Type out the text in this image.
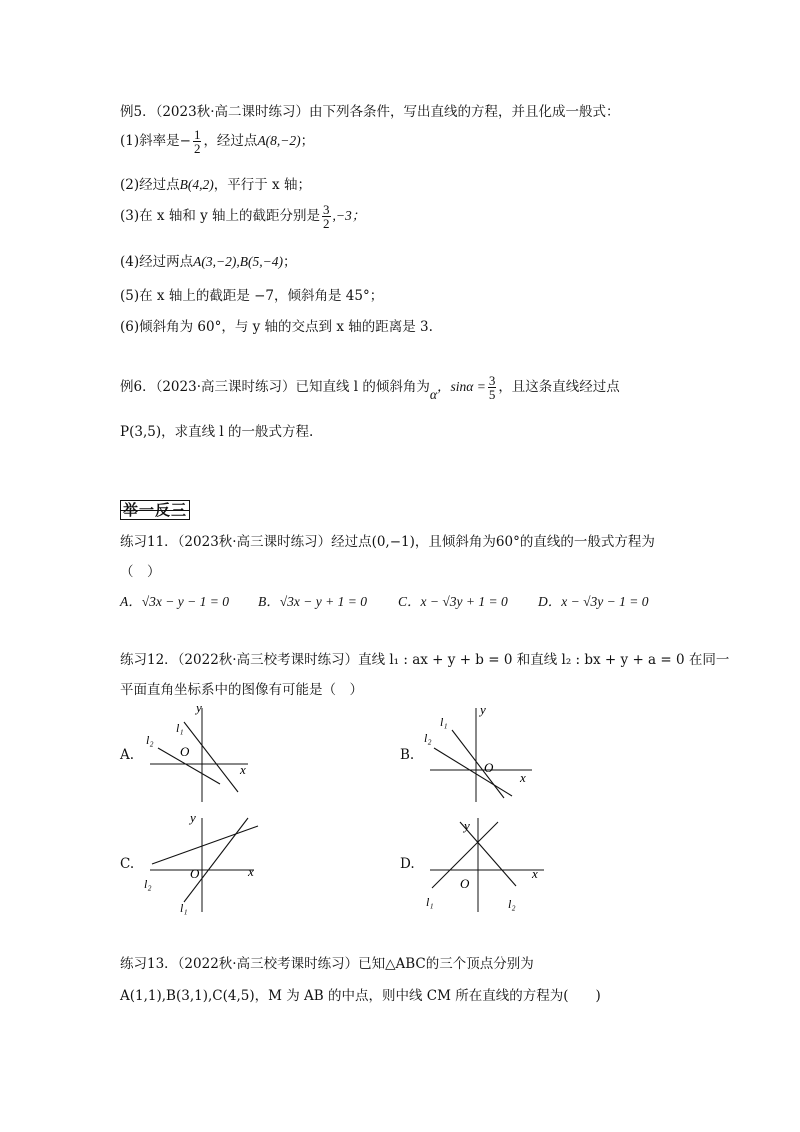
例5．（2023秋·高二课时练习）由下列各条件，写出直线的方程，并且化成一般式：
(1)斜率是− $\frac{1}{2}$ ，经过点A(8,−2)；
(2)经过点B(4,2)，平行于 x 轴；
(3)在 x 轴和 y 轴上的截距分别是 $\frac{3}{2} ,-3$；
(4)经过两点A(3,−2),B(5,−4)；
(5)在 x 轴上的截距是 −7，倾斜角是 45°；
(6)倾斜角为 60°，与 y 轴的交点到 x 轴的距离是 3.
例6．（2023·高三课时练习）已知直线 l 的倾斜角为α，$\sin\alpha = \frac{3}{5}$ ，且这条直线经过点
P(3,5)，求直线 l 的一般式方程.
举一反三
练习11．（2023秋·高三课时练习）经过点(0,−1)，且倾斜角为60°的直线的一般式方程为
（　）
A．√3x − y − 1 = 0 B．√3x − y + 1 = 0 C．x − √3y + 1 = 0 D．x − √3y − 1 = 0
练习12．（2022秋·高三校考课时练习）直线 l₁ : ax + y + b = 0 和直线 l₂ : bx + y + a = 0 在同一
平面直角坐标系中的图像有可能是（　）
A.	B.
C.	D.
y
x
O
l₁
l₂
y
x
O
l₁
l₂
y
x
O
l₁
l₂
y
x
O
l₁	l₂
练习13．（2022秋·高三校考课时练习）已知△ABC的三个顶点分别为
A(1,1),B(3,1),C(4,5)，M 为 AB 的中点，则中线 CM 所在直线的方程为(　　)
